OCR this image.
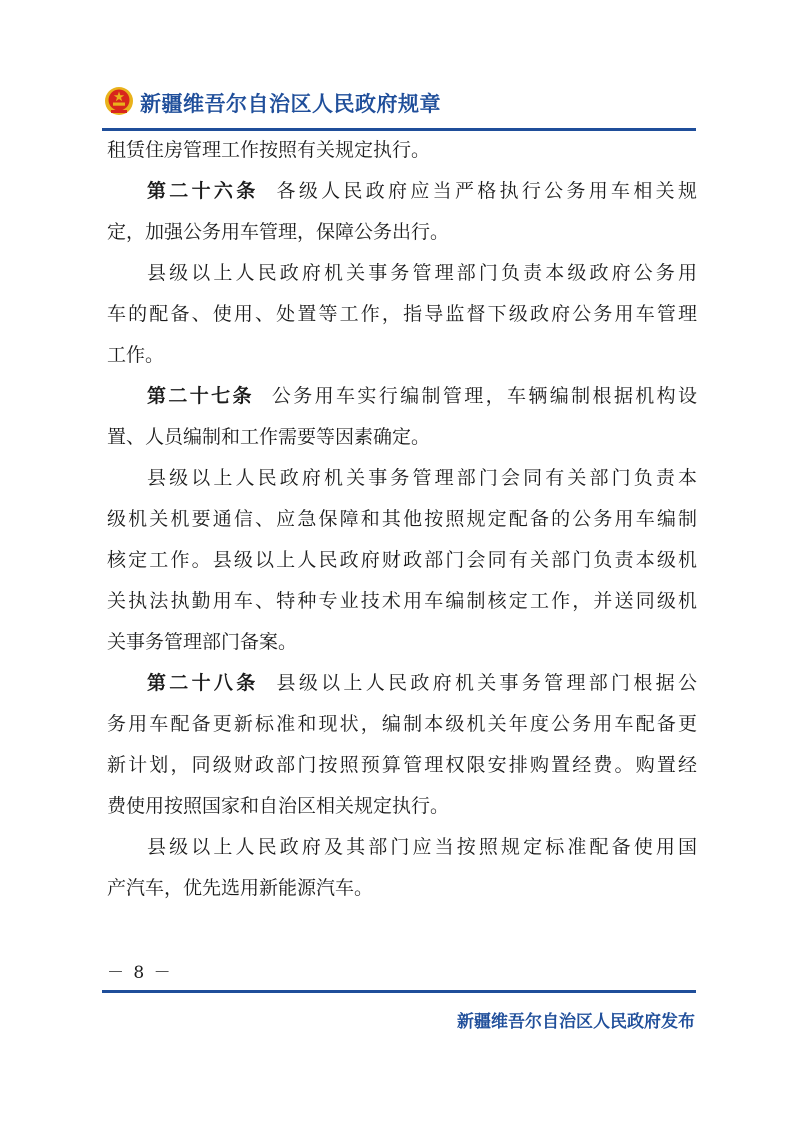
新疆维吾尔自治区人民政府规章
租赁住房管理工作按照有关规定执行。
第二十六条 各级人民政府应当严格执行公务用车相关规
定，加强公务用车管理，保障公务出行。
县级以上人民政府机关事务管理部门负责本级政府公务用
车的配备、使用、处置等工作，指导监督下级政府公务用车管理
工作。
第二十七条 公务用车实行编制管理，车辆编制根据机构设
置、人员编制和工作需要等因素确定。
县级以上人民政府机关事务管理部门会同有关部门负责本
级机关机要通信、应急保障和其他按照规定配备的公务用车编制
核定工作。县级以上人民政府财政部门会同有关部门负责本级机
关执法执勤用车、特种专业技术用车编制核定工作，并送同级机
关事务管理部门备案。
第二十八条 县级以上人民政府机关事务管理部门根据公
务用车配备更新标准和现状，编制本级机关年度公务用车配备更
新计划，同级财政部门按照预算管理权限安排购置经费。购置经
费使用按照国家和自治区相关规定执行。
县级以上人民政府及其部门应当按照规定标准配备使用国
产汽车，优先选用新能源汽车。
－ 8 －
新疆维吾尔自治区人民政府发布
